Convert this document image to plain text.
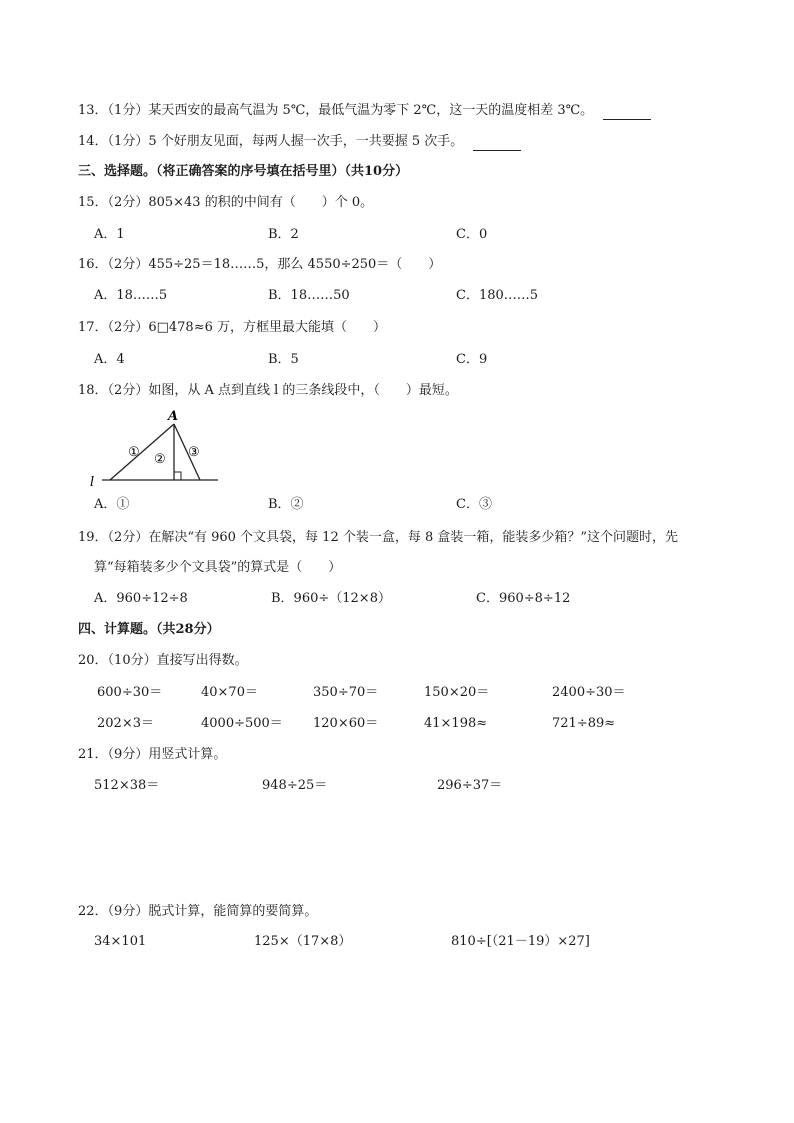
13．（1分）某天西安的最高气温为 5℃，最低气温为零下 2℃，这一天的温度相差 3℃。
14．（1分）5 个好朋友见面，每两人握一次手，一共要握 5 次手。
三、选择题。（将正确答案的序号填在括号里）（共10分）
15．（2分）805×43 的积的中间有（　　）个 0。
A．1	B．2	C．0
16．（2分）455÷25＝18……5，那么 4550÷250＝（　　）
A．18……5	B．18……50	C．180……5
17．（2分）6□478≈6 万，方框里最大能填（　　）
A．4	B．5	C．9
18．（2分）如图，从 A 点到直线 l 的三条线段中，（　　）最短。
A
l
① ② ③
A．①	B．②	C．③
19．（2分）在解决“有 960 个文具袋，每 12 个装一盒，每 8 盒装一箱，能装多少箱？”这个问题时，先
算“每箱装多少个文具袋”的算式是（　　）
A．960÷12÷8	B．960÷（12×8）	C．960÷8÷12
四、计算题。（共28分）
20．（10分）直接写出得数。
600÷30＝	40×70＝	350÷70＝	150×20＝	2400÷30＝
202×3＝	4000÷500＝ 120×60＝	41×198≈	721÷89≈
21．（9分）用竖式计算。
512×38＝	948÷25＝	296÷37＝
22．（9分）脱式计算，能简算的要简算。
34×101	125×（17×8）	810÷[（21－19）×27]
